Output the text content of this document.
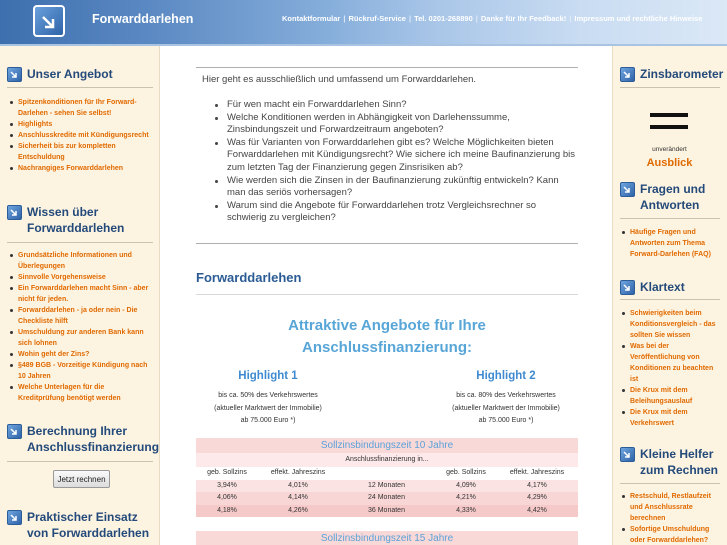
Forwarddarlehen	Kontaktformular | Rückruf-Service | Tel. 0201-268890 | Danke für Ihr Feedback! | Impressum und rechtliche Hinweise
Unser Angebot
Spitzenkonditionen für Ihr Forward-Darlehen - sehen Sie selbst!
Highlights
Anschlusskredite mit Kündigungsrecht
Sicherheit bis zur kompletten Entschuldung
Nachrangiges Forwarddarlehen
Wissen über Forwarddarlehen
Grundsätzliche Informationen und Überlegungen
Sinnvolle Vorgehensweise
Ein Forwarddarlehen macht Sinn - aber nicht für jeden.
Forwarddarlehen - ja oder nein - Die Checkliste hilft
Umschuldung zur anderen Bank kann sich lohnen
Wohin geht der Zins?
§489 BGB - Vorzeitige Kündigung nach 10 Jahren
Welche Unterlagen für die Kreditprüfung benötigt werden
Berechnung Ihrer Anschlussfinanzierung
Jetzt rechnen
Praktischer Einsatz von Forwarddarlehen
Hier geht es ausschließlich und umfassend um Forwarddarlehen.
Für wen macht ein Forwarddarlehen Sinn?
Welche Konditionen werden in Abhängigkeit von Darlehenssumme, Zinsbindungszeit und Forwardzeitraum angeboten?
Was für Varianten von Forwarddarlehen gibt es? Welche Möglichkeiten bieten Forwarddarlehen mit Kündigungsrecht? Wie sichere ich meine Baufinanzierung bis zum letzten Tag der Finanzierung gegen Zinsrisiken ab?
Wie werden sich die Zinsen in der Baufinanzierung zukünftig entwickeln? Kann man das seriös vorhersagen?
Warum sind die Angebote für Forwarddarlehen trotz Vergleichsrechner so schwierig zu vergleichen?
Forwarddarlehen
Attraktive Angebote für Ihre
Anschlussfinanzierung:
Highlight 1
bis ca. 50% des Verkehrswertes
(aktueller Marktwert der Immobilie)
ab 75.000 Euro *)
Highlight 2
bis ca. 80% des Verkehrswertes
(aktueller Marktwert der Immobilie)
ab 75.000 Euro *)
Sollzinsbindungszeit 10 Jahre
Anschlussfinanzierung in...
geb. Sollzins	effekt. Jahreszins	geb. Sollzins	effekt. Jahreszins
3,94%	4,01%	12 Monaten	4,09%	4,17%
4,06%	4,14%	24 Monaten	4,21%	4,29%
4,18%	4,26%	36 Monaten	4,33%	4,42%
Sollzinsbindungszeit 15 Jahre
Zinsbarometer
unverändert
Ausblick
Fragen und Antworten
Häufige Fragen und Antworten zum Thema Forward-Darlehen (FAQ)
Klartext
Schwierigkeiten beim Konditionsvergleich - das sollten Sie wissen
Was bei der Veröffentlichung von Konditionen zu beachten ist
Die Krux mit dem Beleihungsauslauf
Die Krux mit dem Verkehrswert
Kleine Helfer zum Rechnen
Restschuld, Restlaufzeit und Anschlussrate berechnen
Sofortige Umschuldung oder Forwarddarlehen?
